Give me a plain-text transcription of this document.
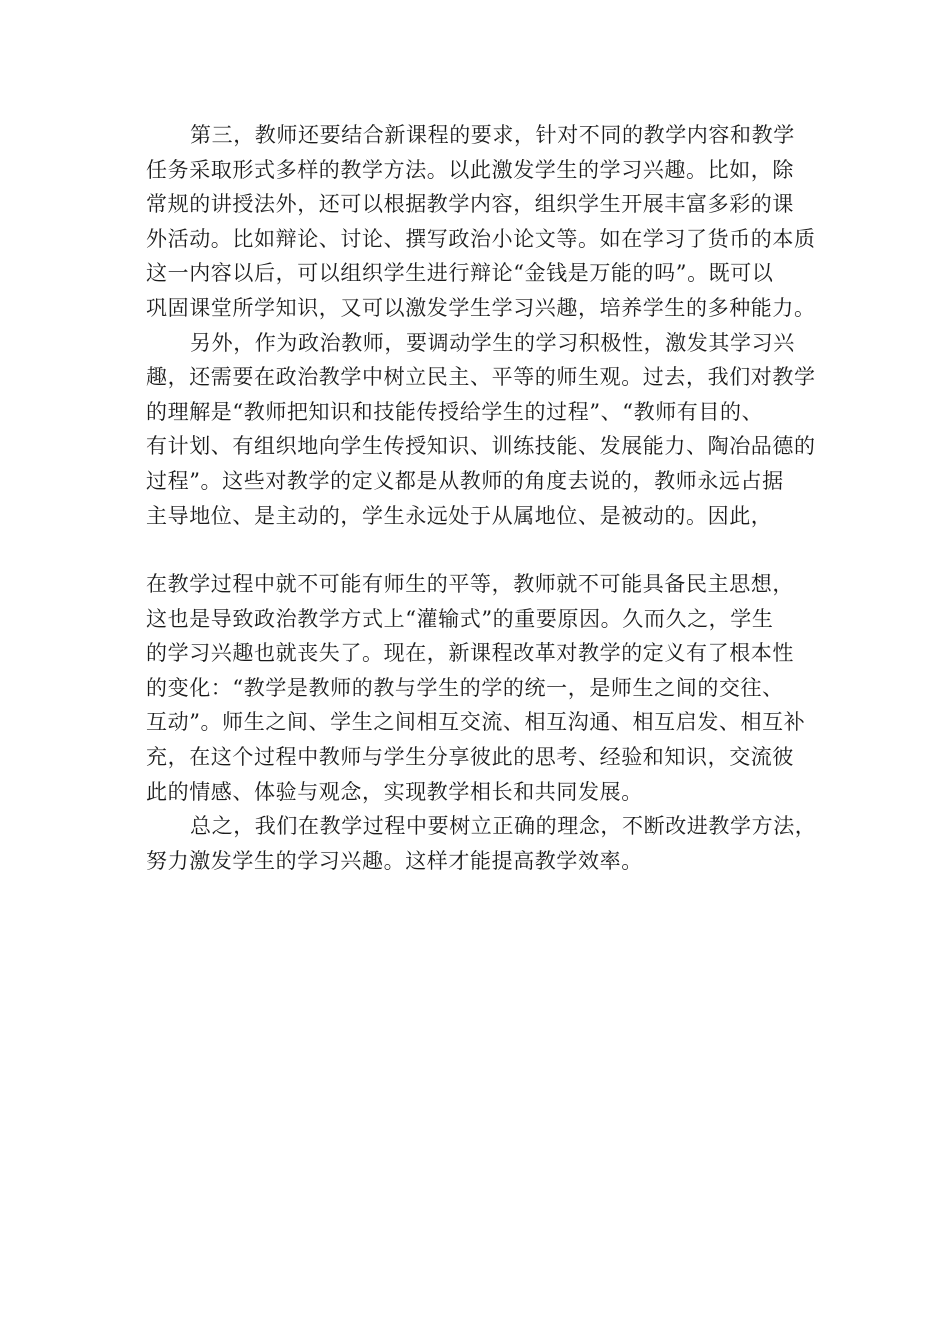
第三，教师还要结合新课程的要求，针对不同的教学内容和教学
任务采取形式多样的教学方法。以此激发学生的学习兴趣。比如，除
常规的讲授法外，还可以根据教学内容，组织学生开展丰富多彩的课
外活动。比如辩论、讨论、撰写政治小论文等。如在学习了货币的本质
这一内容以后，可以组织学生进行辩论“金钱是万能的吗”。既可以
巩固课堂所学知识，又可以激发学生学习兴趣，培养学生的多种能力。
另外，作为政治教师，要调动学生的学习积极性，激发其学习兴
趣，还需要在政治教学中树立民主、平等的师生观。过去，我们对教学
的理解是“教师把知识和技能传授给学生的过程”、“教师有目的、
有计划、有组织地向学生传授知识、训练技能、发展能力、陶冶品德的
过程”。这些对教学的定义都是从教师的角度去说的，教师永远占据
主导地位、是主动的，学生永远处于从属地位、是被动的。因此，
在教学过程中就不可能有师生的平等，教师就不可能具备民主思想，
这也是导致政治教学方式上“灌输式”的重要原因。久而久之，学生
的学习兴趣也就丧失了。现在，新课程改革对教学的定义有了根本性
的变化：“教学是教师的教与学生的学的统一，是师生之间的交往、
互动”。师生之间、学生之间相互交流、相互沟通、相互启发、相互补
充，在这个过程中教师与学生分享彼此的思考、经验和知识，交流彼
此的情感、体验与观念，实现教学相长和共同发展。
总之，我们在教学过程中要树立正确的理念，不断改进教学方法，
努力激发学生的学习兴趣。这样才能提高教学效率。
